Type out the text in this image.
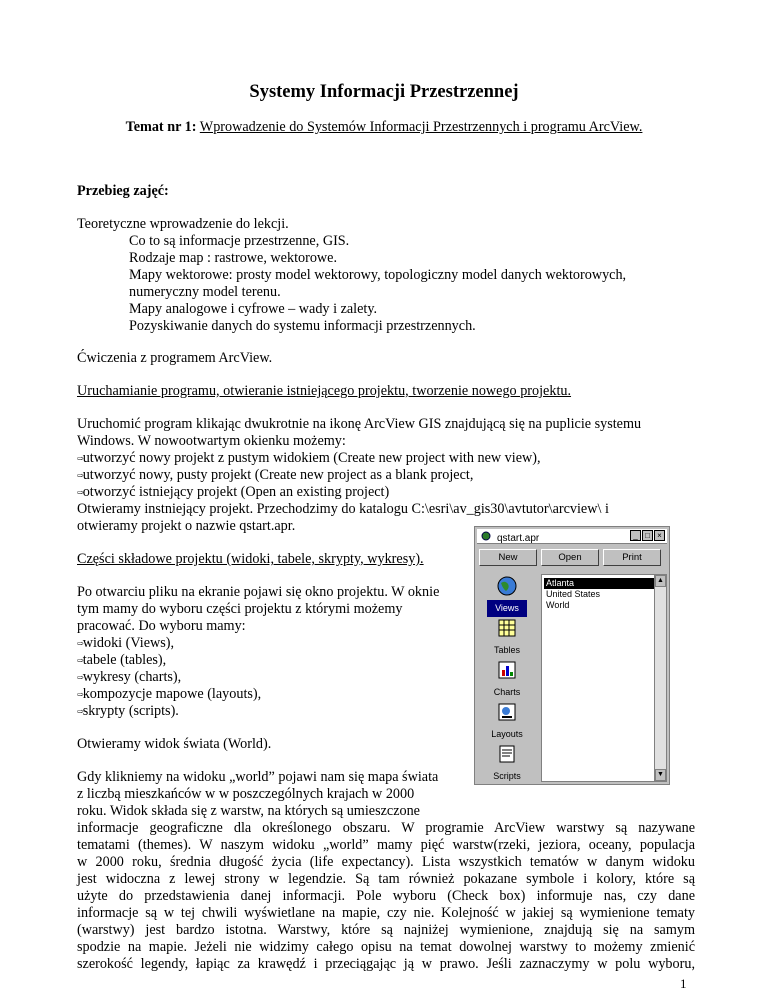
Systemy Informacji Przestrzennej
Temat nr 1: Wprowadzenie do Systemów Informacji Przestrzennych i programu ArcView.
Przebieg zajęć:
Teoretyczne wprowadzenie do lekcji.
Co to są informacje przestrzenne, GIS.
Rodzaje map : rastrowe, wektorowe.
Mapy wektorowe: prosty model wektorowy, topologiczny model danych wektorowych,
numeryczny model terenu.
Mapy analogowe i cyfrowe – wady i zalety.
Pozyskiwanie danych do systemu informacji przestrzennych.
Ćwiczenia z programem ArcView.
Uruchamianie programu, otwieranie istniejącego projektu, tworzenie nowego projektu.
Uruchomić program klikając dwukrotnie na ikonę ArcView GIS znajdującą się na puplicie systemu
Windows. W nowootwartym okienku możemy:
⇨utworzyć nowy projekt z pustym widokiem (Create new project with new view),
⇨utworzyć nowy, pusty projekt (Create new project as a blank project,
⇨otworzyć istniejący projekt (Open an existing project)
Otwieramy instniejący projekt. Przechodzimy do katalogu C:\esri\av_gis30\avtutor\arcview\ i
otwieramy projekt o nazwie qstart.apr.
Części składowe projektu (widoki, tabele, skrypty, wykresy).
Po otwarciu pliku na ekranie pojawi się okno projektu. W oknie
tym mamy do wyboru części projektu z którymi możemy
pracować. Do wyboru mamy:
⇨widoki (Views),
⇨tabele (tables),
⇨wykresy (charts),
⇨kompozycje mapowe (layouts),
⇨skrypty (scripts).
Otwieramy widok świata (World).
Gdy klikniemy na widoku „world” pojawi nam się mapa świata
z liczbą mieszkańców w w poszczególnych krajach w 2000
roku. Widok składa się z warstw, na których są umieszczone
informacje geograficzne dla określonego obszaru. W programie ArcView warstwy są nazywane
tematami (themes). W naszym widoku „world” mamy pięć warstw(rzeki, jeziora, oceany, populacja
w 2000 roku, średnia długość życia (life expectancy). Lista wszystkich tematów w danym widoku
jest widoczna z lewej strony w legendzie. Są tam również pokazane symbole i kolory, które są
użyte do przedstawienia danej informacji. Pole wyboru (Check box) informuje nas, czy dane
informacje są w tej chwili wyświetlane na mapie, czy nie. Kolejność w jakiej są wymienione tematy
(warstwy) jest bardzo istotna. Warstwy, które są najniżej wymienione, znajdują się na samym
spodzie na mapie. Jeżeli nie widzimy całego opisu na temat dowolnej warstwy to możemy zmienić
szerokość legendy, łapiąc za krawędź i przeciągając ją w prawo. Jeśli zaznaczymy w polu wyboru,
1
qstart.apr	_ □ ×
New	Open	Print
Views
Tables
Charts
Layouts
Scripts
Atlanta
United States
World
▲
▼
